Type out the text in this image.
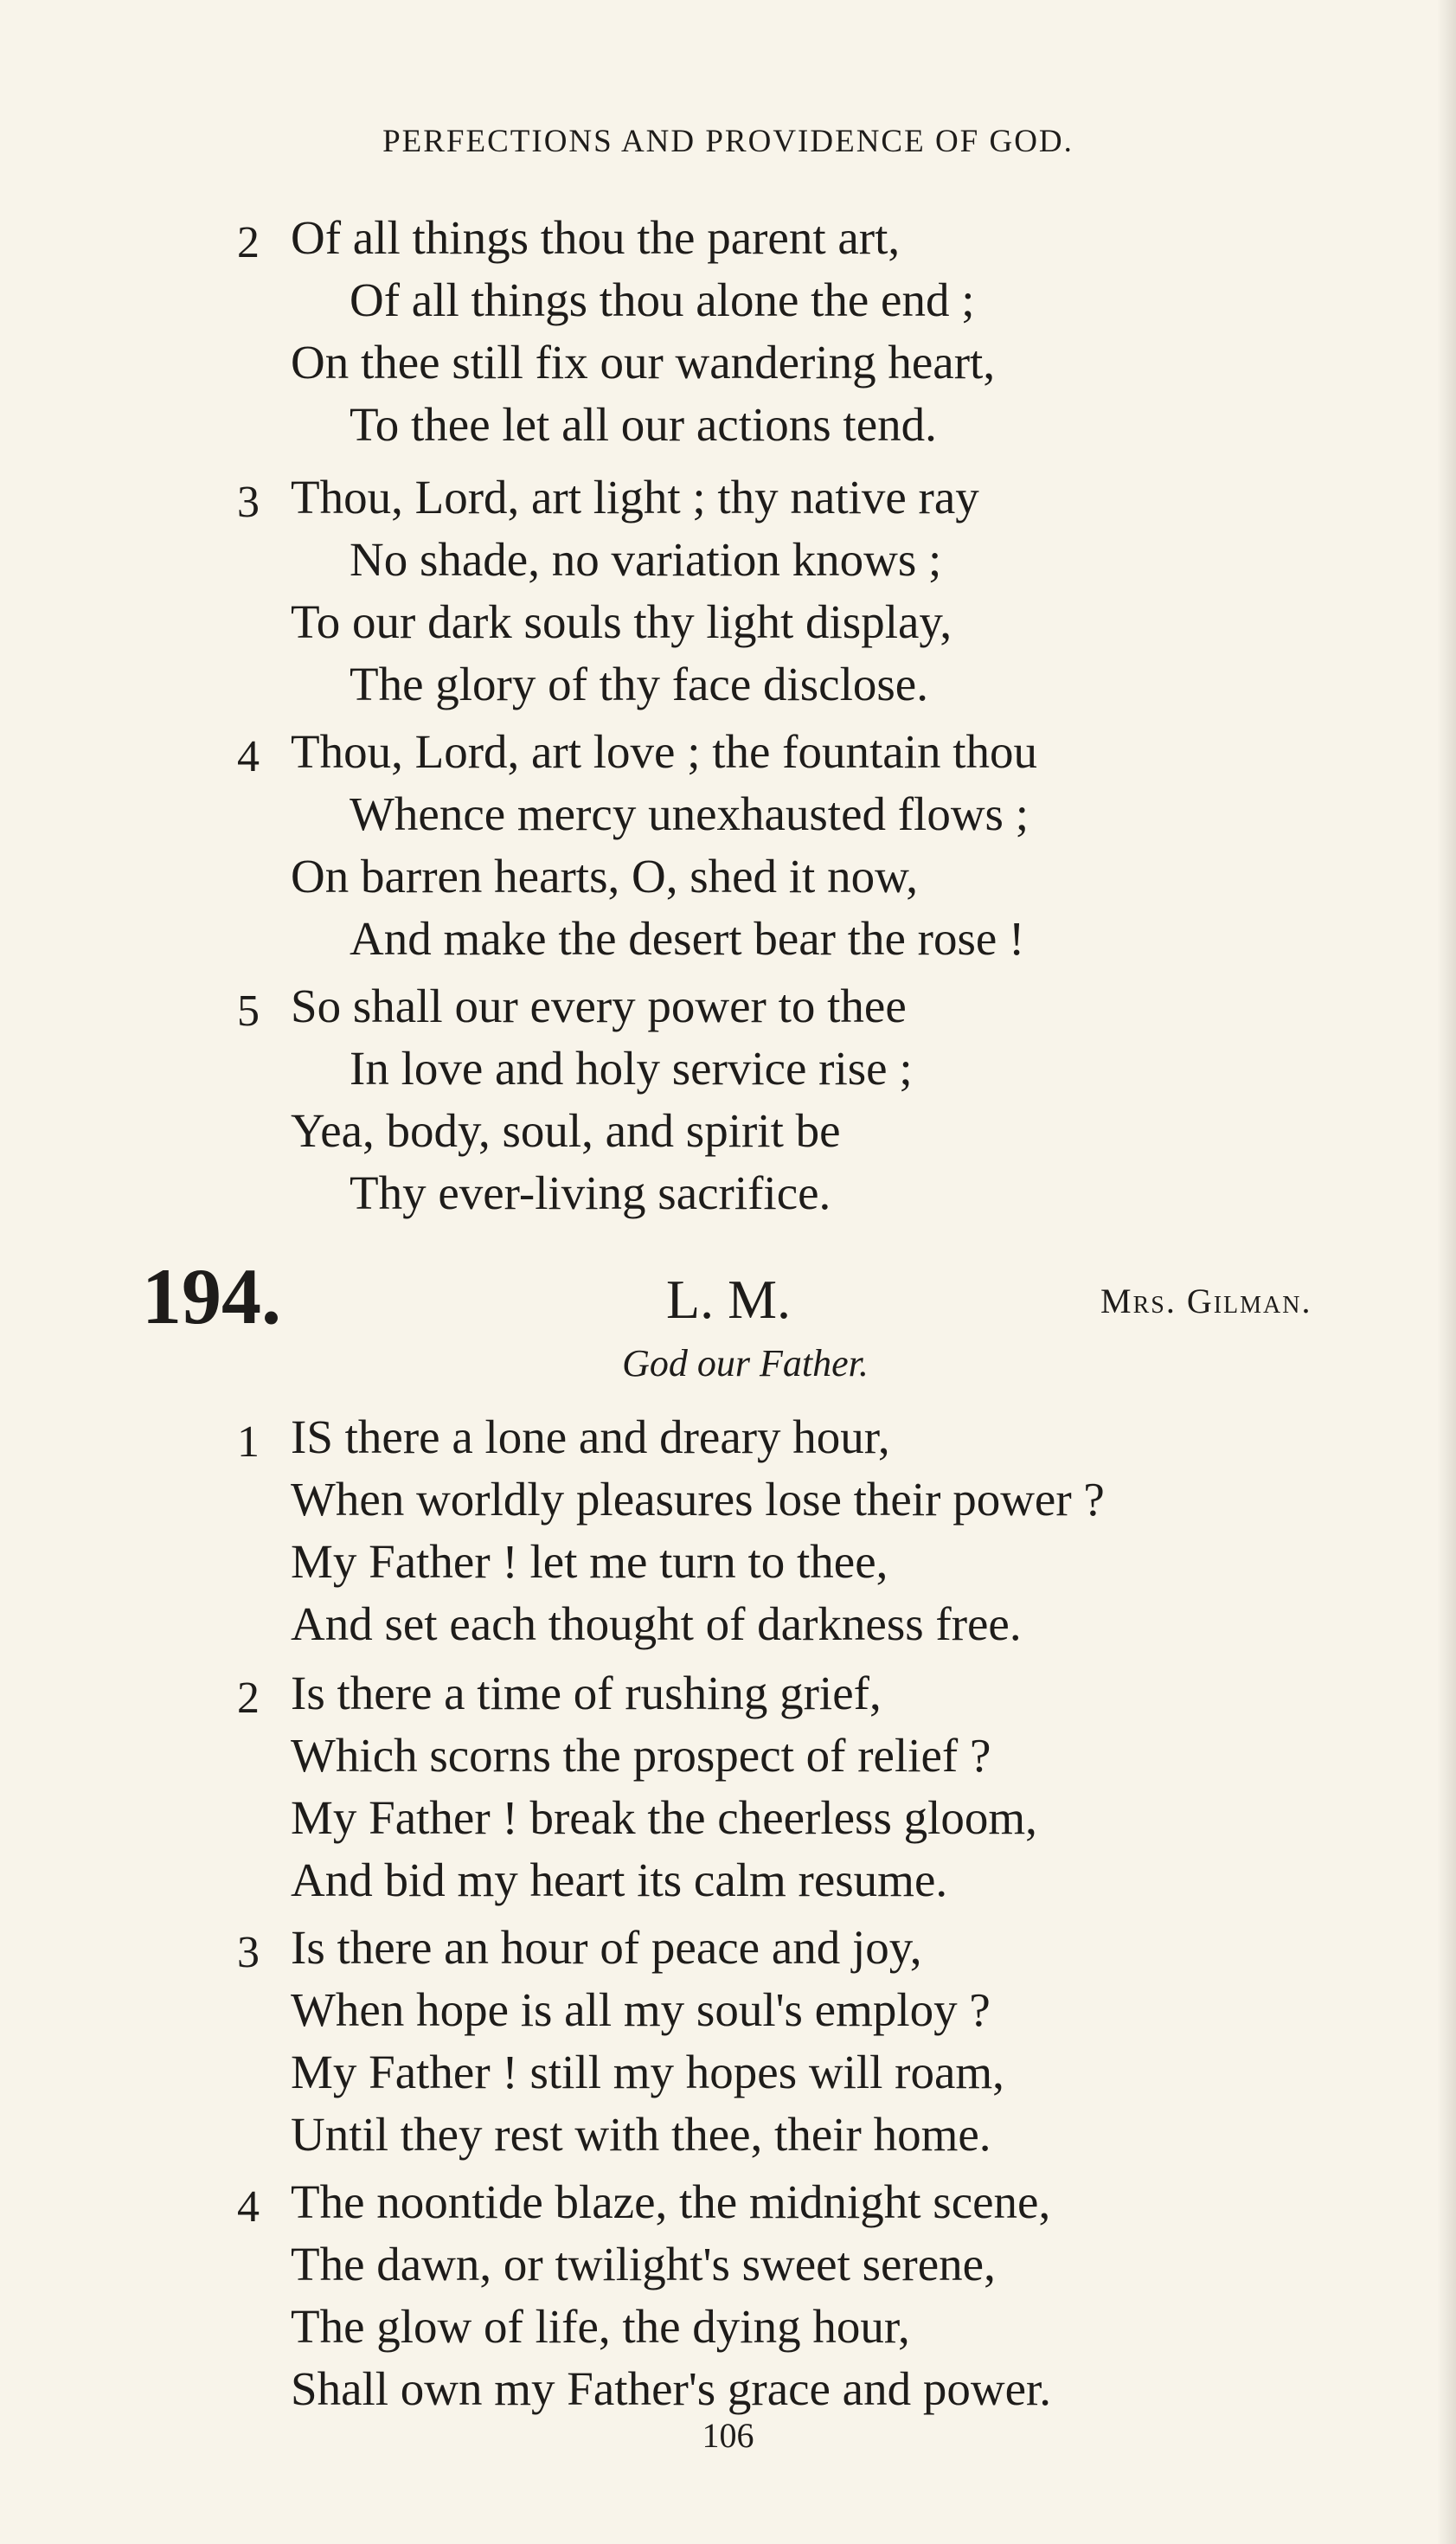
PERFECTIONS AND PROVIDENCE OF GOD.
2 Of all things thou the parent art,
Of all things thou alone the end ;
On thee still fix our wandering heart,
To thee let all our actions tend.
3 Thou, Lord, art light ; thy native ray
No shade, no variation knows ;
To our dark souls thy light display,
The glory of thy face disclose.
4 Thou, Lord, art love ; the fountain thou
Whence mercy unexhausted flows ;
On barren hearts, O, shed it now,
And make the desert bear the rose !
5 So shall our every power to thee
In love and holy service rise ;
Yea, body, soul, and spirit be
Thy ever-living sacrifice.
194.	L. M.	Mrs. Gilman.
God our Father.
1 IS there a lone and dreary hour,
When worldly pleasures lose their power ?
My Father ! let me turn to thee,
And set each thought of darkness free.
2 Is there a time of rushing grief,
Which scorns the prospect of relief ?
My Father ! break the cheerless gloom,
And bid my heart its calm resume.
3 Is there an hour of peace and joy,
When hope is all my soul's employ ?
My Father ! still my hopes will roam,
Until they rest with thee, their home.
4 The noontide blaze, the midnight scene,
The dawn, or twilight's sweet serene,
The glow of life, the dying hour,
Shall own my Father's grace and power.
106
